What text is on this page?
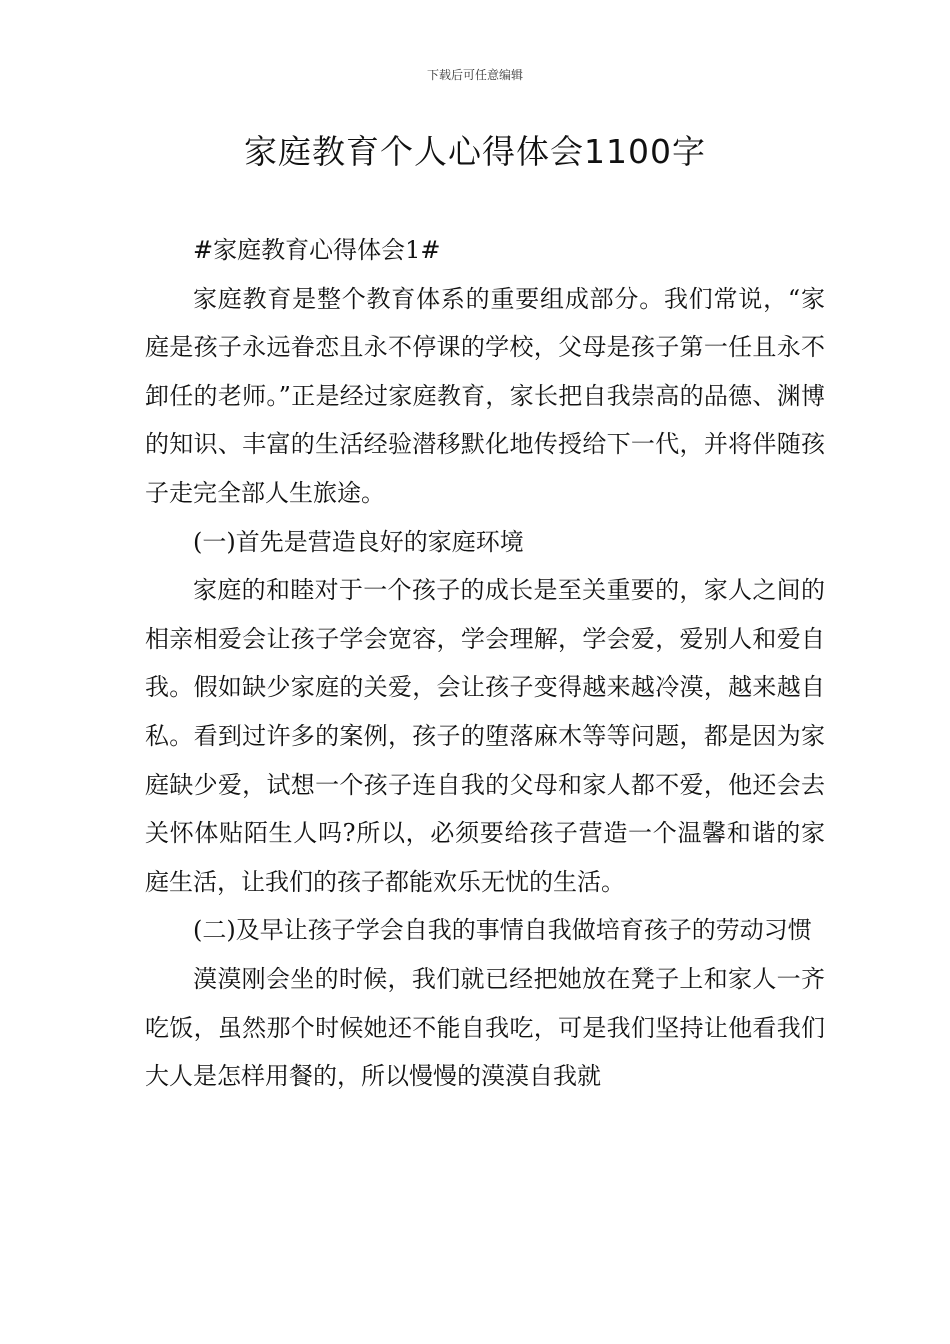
下载后可任意编辑
家庭教育个人心得体会1100字

#家庭教育心得体会1#

家庭教育是整个教育体系的重要组成部分。我们常说，“家庭是孩子永远眷恋且永不停课的学校，父母是孩子第一任且永不卸任的老师。”正是经过家庭教育，家长把自我崇高的品德、渊博的知识、丰富的生活经验潜移默化地传授给下一代，并将伴随孩子走完全部人生旅途。

(一)首先是营造良好的家庭环境

家庭的和睦对于一个孩子的成长是至关重要的，家人之间的相亲相爱会让孩子学会宽容，学会理解，学会爱，爱别人和爱自我。假如缺少家庭的关爱，会让孩子变得越来越冷漠，越来越自私。看到过许多的案例，孩子的堕落麻木等等问题，都是因为家庭缺少爱，试想一个孩子连自我的父母和家人都不爱，他还会去关怀体贴陌生人吗?所以，必须要给孩子营造一个温馨和谐的家庭生活，让我们的孩子都能欢乐无忧的生活。

(二)及早让孩子学会自我的事情自我做培育孩子的劳动习惯

漠漠刚会坐的时候，我们就已经把她放在凳子上和家人一齐吃饭，虽然那个时候她还不能自我吃，可是我们坚持让他看我们大人是怎样用餐的，所以慢慢的漠漠自我就
